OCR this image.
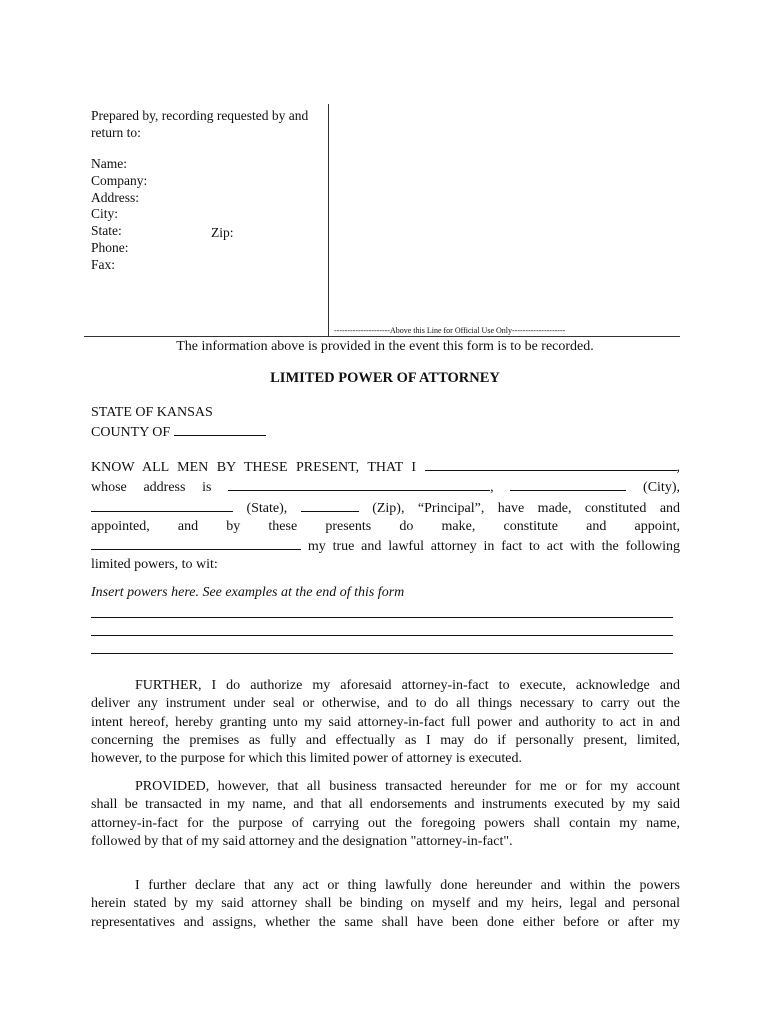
Prepared by, recording requested by and return to:
Name:
Company:
Address:
City:
State:
Phone:
Fax:
Zip:
---------------------Above this Line for Official Use Only--------------------
The information above is provided in the event this form is to be recorded.
LIMITED POWER OF ATTORNEY
STATE OF KANSAS
COUNTY OF
KNOW ALL MEN BY THESE PRESENT, THAT I	,
whose address is	,	(City),
(State),	(Zip), “Principal”, have made, constituted and
appointed, and by these presents do make, constitute and appoint,
my true and lawful attorney in fact to act with the following
limited powers, to wit:
Insert powers here. See examples at the end of this form
FURTHER, I do authorize my aforesaid attorney-in-fact to execute, acknowledge and
deliver any instrument under seal or otherwise, and to do all things necessary to carry out the
intent hereof, hereby granting unto my said attorney-in-fact full power and authority to act in and
concerning the premises as fully and effectually as I may do if personally present, limited,
however, to the purpose for which this limited power of attorney is executed.
PROVIDED, however, that all business transacted hereunder for me or for my account
shall be transacted in my name, and that all endorsements and instruments executed by my said
attorney-in-fact for the purpose of carrying out the foregoing powers shall contain my name,
followed by that of my said attorney and the designation "attorney-in-fact".
I further declare that any act or thing lawfully done hereunder and within the powers
herein stated by my said attorney shall be binding on myself and my heirs, legal and personal
representatives and assigns, whether the same shall have been done either before or after my
